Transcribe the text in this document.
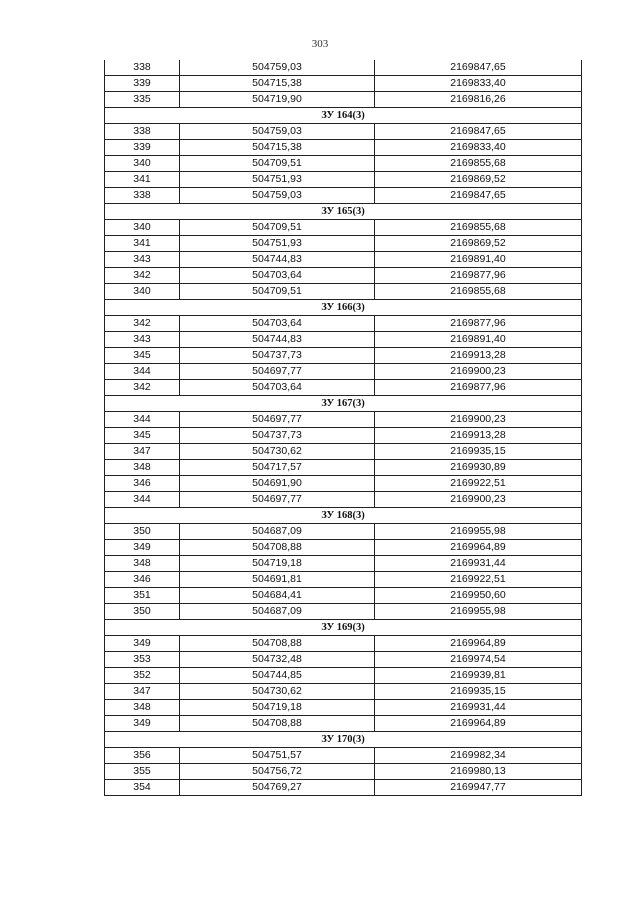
303
338	504759,03	2169847,65
339	504715,38	2169833,40
335	504719,90	2169816,26
ЗУ 164(3)		
338	504759,03	2169847,65
339	504715,38	2169833,40
340	504709,51	2169855,68
341	504751,93	2169869,52
338	504759,03	2169847,65
ЗУ 165(3)		
340	504709,51	2169855,68
341	504751,93	2169869,52
343	504744,83	2169891,40
342	504703,64	2169877,96
340	504709,51	2169855,68
ЗУ 166(3)		
342	504703,64	2169877,96
343	504744,83	2169891,40
345	504737,73	2169913,28
344	504697,77	2169900,23
342	504703,64	2169877,96
ЗУ 167(3)		
344	504697,77	2169900,23
345	504737,73	2169913,28
347	504730,62	2169935,15
348	504717,57	2169930,89
346	504691,90	2169922,51
344	504697,77	2169900,23
ЗУ 168(3)		
350	504687,09	2169955,98
349	504708,88	2169964,89
348	504719,18	2169931,44
346	504691,81	2169922,51
351	504684,41	2169950,60
350	504687,09	2169955,98
ЗУ 169(3)		
349	504708,88	2169964,89
353	504732,48	2169974,54
352	504744,85	2169939,81
347	504730,62	2169935,15
348	504719,18	2169931,44
349	504708,88	2169964,89
ЗУ 170(3)		
356	504751,57	2169982,34
355	504756,72	2169980,13
354	504769,27	2169947,77
